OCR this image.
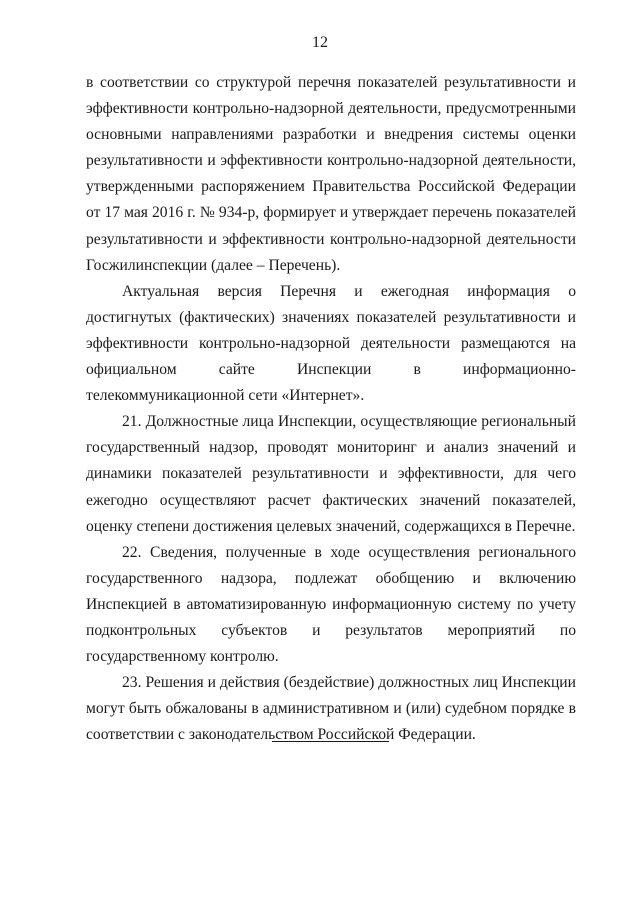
12

в соответствии со структурой перечня показателей результативности и эффективности контрольно-надзорной деятельности, предусмотренными основными направлениями разработки и внедрения системы оценки результативности и эффективности контрольно-надзорной деятельности, утвержденными распоряжением Правительства Российской Федерации от 17 мая 2016 г. № 934-р, формирует и утверждает перечень показателей результативности и эффективности контрольно-надзорной деятельности Госжилинспекции (далее – Перечень).

Актуальная версия Перечня и ежегодная информация о достигнутых (фактических) значениях показателей результативности и эффективности контрольно-надзорной деятельности размещаются на официальном сайте Инспекции в информационно-телекоммуникационной сети «Интернет».

21. Должностные лица Инспекции, осуществляющие региональный государственный надзор, проводят мониторинг и анализ значений и динамики показателей результативности и эффективности, для чего ежегодно осуществляют расчет фактических значений показателей, оценку степени достижения целевых значений, содержащихся в Перечне.

22. Сведения, полученные в ходе осуществления регионального государственного надзора, подлежат обобщению и включению Инспекцией в автоматизированную информационную систему по учету подконтрольных субъектов и результатов мероприятий по государственному контролю.

23. Решения и действия (бездействие) должностных лиц Инспекции могут быть обжалованы в административном и (или) судебном порядке в соответствии с законодательством Российской Федерации.
